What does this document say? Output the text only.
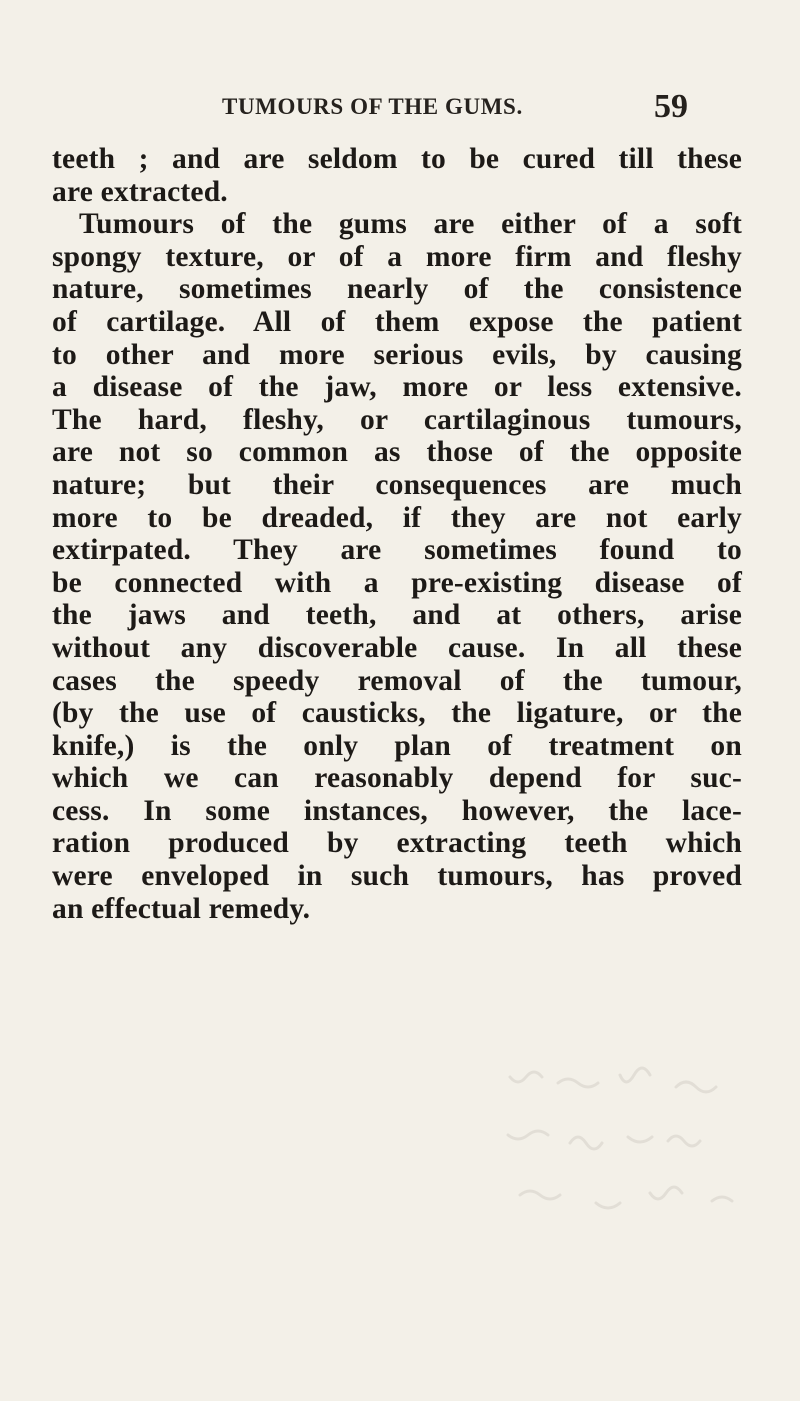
TUMOURS OF THE GUMS.	59
teeth ; and are seldom to be cured till these
are extracted.
Tumours of the gums are either of a soft
spongy texture, or of a more firm and fleshy
nature, sometimes nearly of the consistence
of cartilage. All of them expose the patient
to other and more serious evils, by causing
a disease of the jaw, more or less extensive.
The hard, fleshy, or cartilaginous tumours,
are not so common as those of the opposite
nature; but their consequences are much
more to be dreaded, if they are not early
extirpated. They are sometimes found to
be connected with a pre-existing disease of
the jaws and teeth, and at others, arise
without any discoverable cause. In all these
cases the speedy removal of the tumour,
(by the use of causticks, the ligature, or the
knife,) is the only plan of treatment on
which we can reasonably depend for suc-
cess. In some instances, however, the lace-
ration produced by extracting teeth which
were enveloped in such tumours, has proved
an effectual remedy.
